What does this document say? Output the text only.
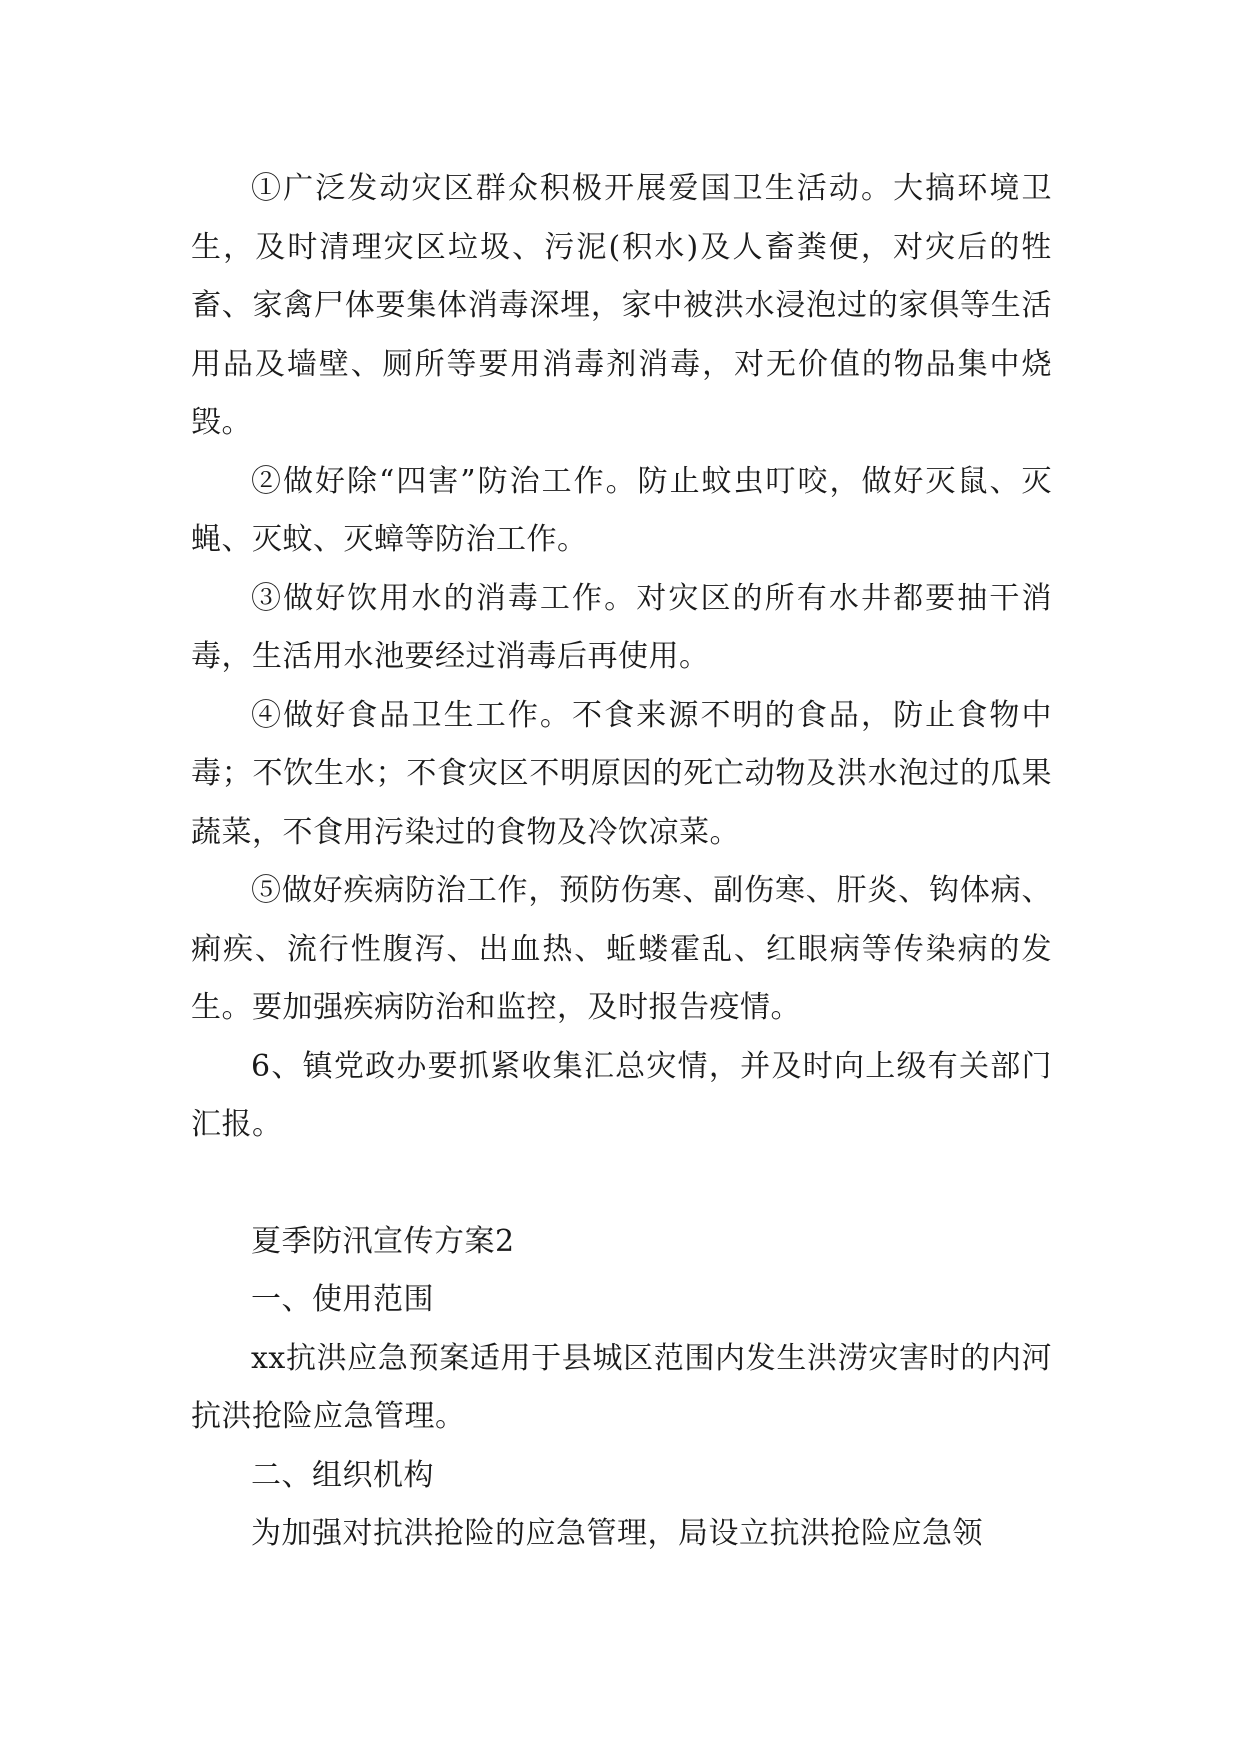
①广泛发动灾区群众积极开展爱国卫生活动。大搞环境卫生，及时清理灾区垃圾、污泥(积水)及人畜粪便，对灾后的牲畜、家禽尸体要集体消毒深埋，家中被洪水浸泡过的家俱等生活用品及墙壁、厕所等要用消毒剂消毒，对无价值的物品集中烧毁。

②做好除“四害”防治工作。防止蚊虫叮咬，做好灭鼠、灭蝇、灭蚊、灭蟑等防治工作。

③做好饮用水的消毒工作。对灾区的所有水井都要抽干消毒，生活用水池要经过消毒后再使用。

④做好食品卫生工作。不食来源不明的食品，防止食物中毒；不饮生水；不食灾区不明原因的死亡动物及洪水泡过的瓜果蔬菜，不食用污染过的食物及冷饮凉菜。

⑤做好疾病防治工作，预防伤寒、副伤寒、肝炎、钩体病、痢疾、流行性腹泻、出血热、蚯蝼霍乱、红眼病等传染病的发生。要加强疾病防治和监控，及时报告疫情。

6、镇党政办要抓紧收集汇总灾情，并及时向上级有关部门汇报。

夏季防汛宣传方案2

一、使用范围

xx抗洪应急预案适用于县城区范围内发生洪涝灾害时的内河抗洪抢险应急管理。

二、组织机构

为加强对抗洪抢险的应急管理，局设立抗洪抢险应急领
